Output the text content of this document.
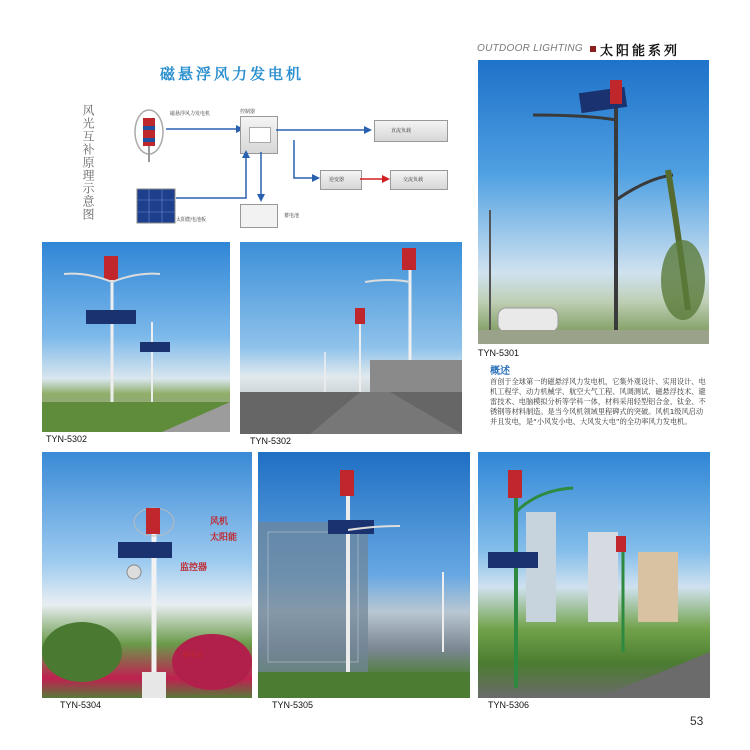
OUTDOOR LIGHTING 太阳能系列
磁悬浮风力发电机
风光互补原理示意图	磁悬浮风力发电机	控制器
直流负载
逆变器	交流负载
太阳能电池板
蓄电池
TYN-5301
概述
首创于全球第一的磁悬浮风力发电机，它集外观设计、实用设计、电机工程学、动力机械学、航空大气工程、风调测试、磁悬浮技术、避雷技术、电脑模拟分析等学科一体，材料采用轻型铝合金、钛金、不锈钢等材料制造。是当今风机领域里程碑式的突破。风机1级风启动并且发电，是“小风发小电、大风发大电”的全功率风力发电机。
TYN-5302	TYN-5302
风机
太阳能
监控器
蓄电池
TYN-5304	TYN-5305	TYN-5306
53
